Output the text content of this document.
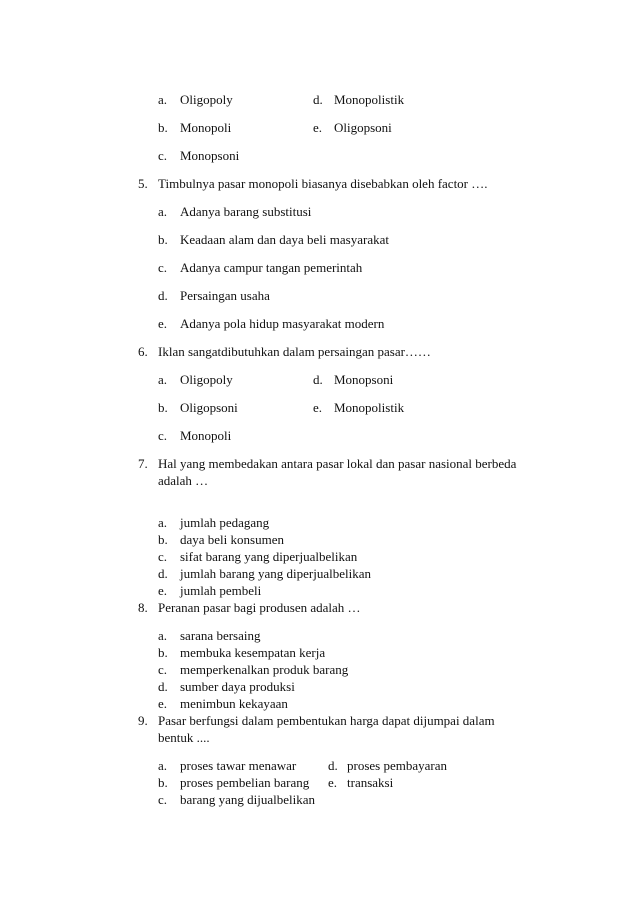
a. Oligopoly	d. Monopolistik
b. Monopoli	e. Oligopsoni
c. Monopsoni
5. Timbulnya pasar monopoli biasanya disebabkan oleh factor ….
a. Adanya barang substitusi
b. Keadaan alam dan daya beli masyarakat
c. Adanya campur tangan pemerintah
d. Persaingan usaha
e. Adanya pola hidup masyarakat modern
6. Iklan sangatdibutuhkan dalam persaingan pasar……
a. Oligopoly	d. Monopsoni
b. Oligopsoni	e. Monopolistik
c. Monopoli
7. Hal yang membedakan antara pasar lokal dan pasar nasional berbeda
adalah …
a. jumlah pedagang
b. daya beli konsumen
c. sifat barang yang diperjualbelikan
d. jumlah barang yang diperjualbelikan
e. jumlah pembeli
8. Peranan pasar bagi produsen adalah …
a. sarana bersaing
b. membuka kesempatan kerja
c. memperkenalkan produk barang
d. sumber daya produksi
e. menimbun kekayaan
9. Pasar berfungsi dalam pembentukan harga dapat dijumpai dalam
bentuk ....
a. proses tawar menawar d. proses pembayaran
b. proses pembelian barang e. transaksi
c. barang yang dijualbelikan
